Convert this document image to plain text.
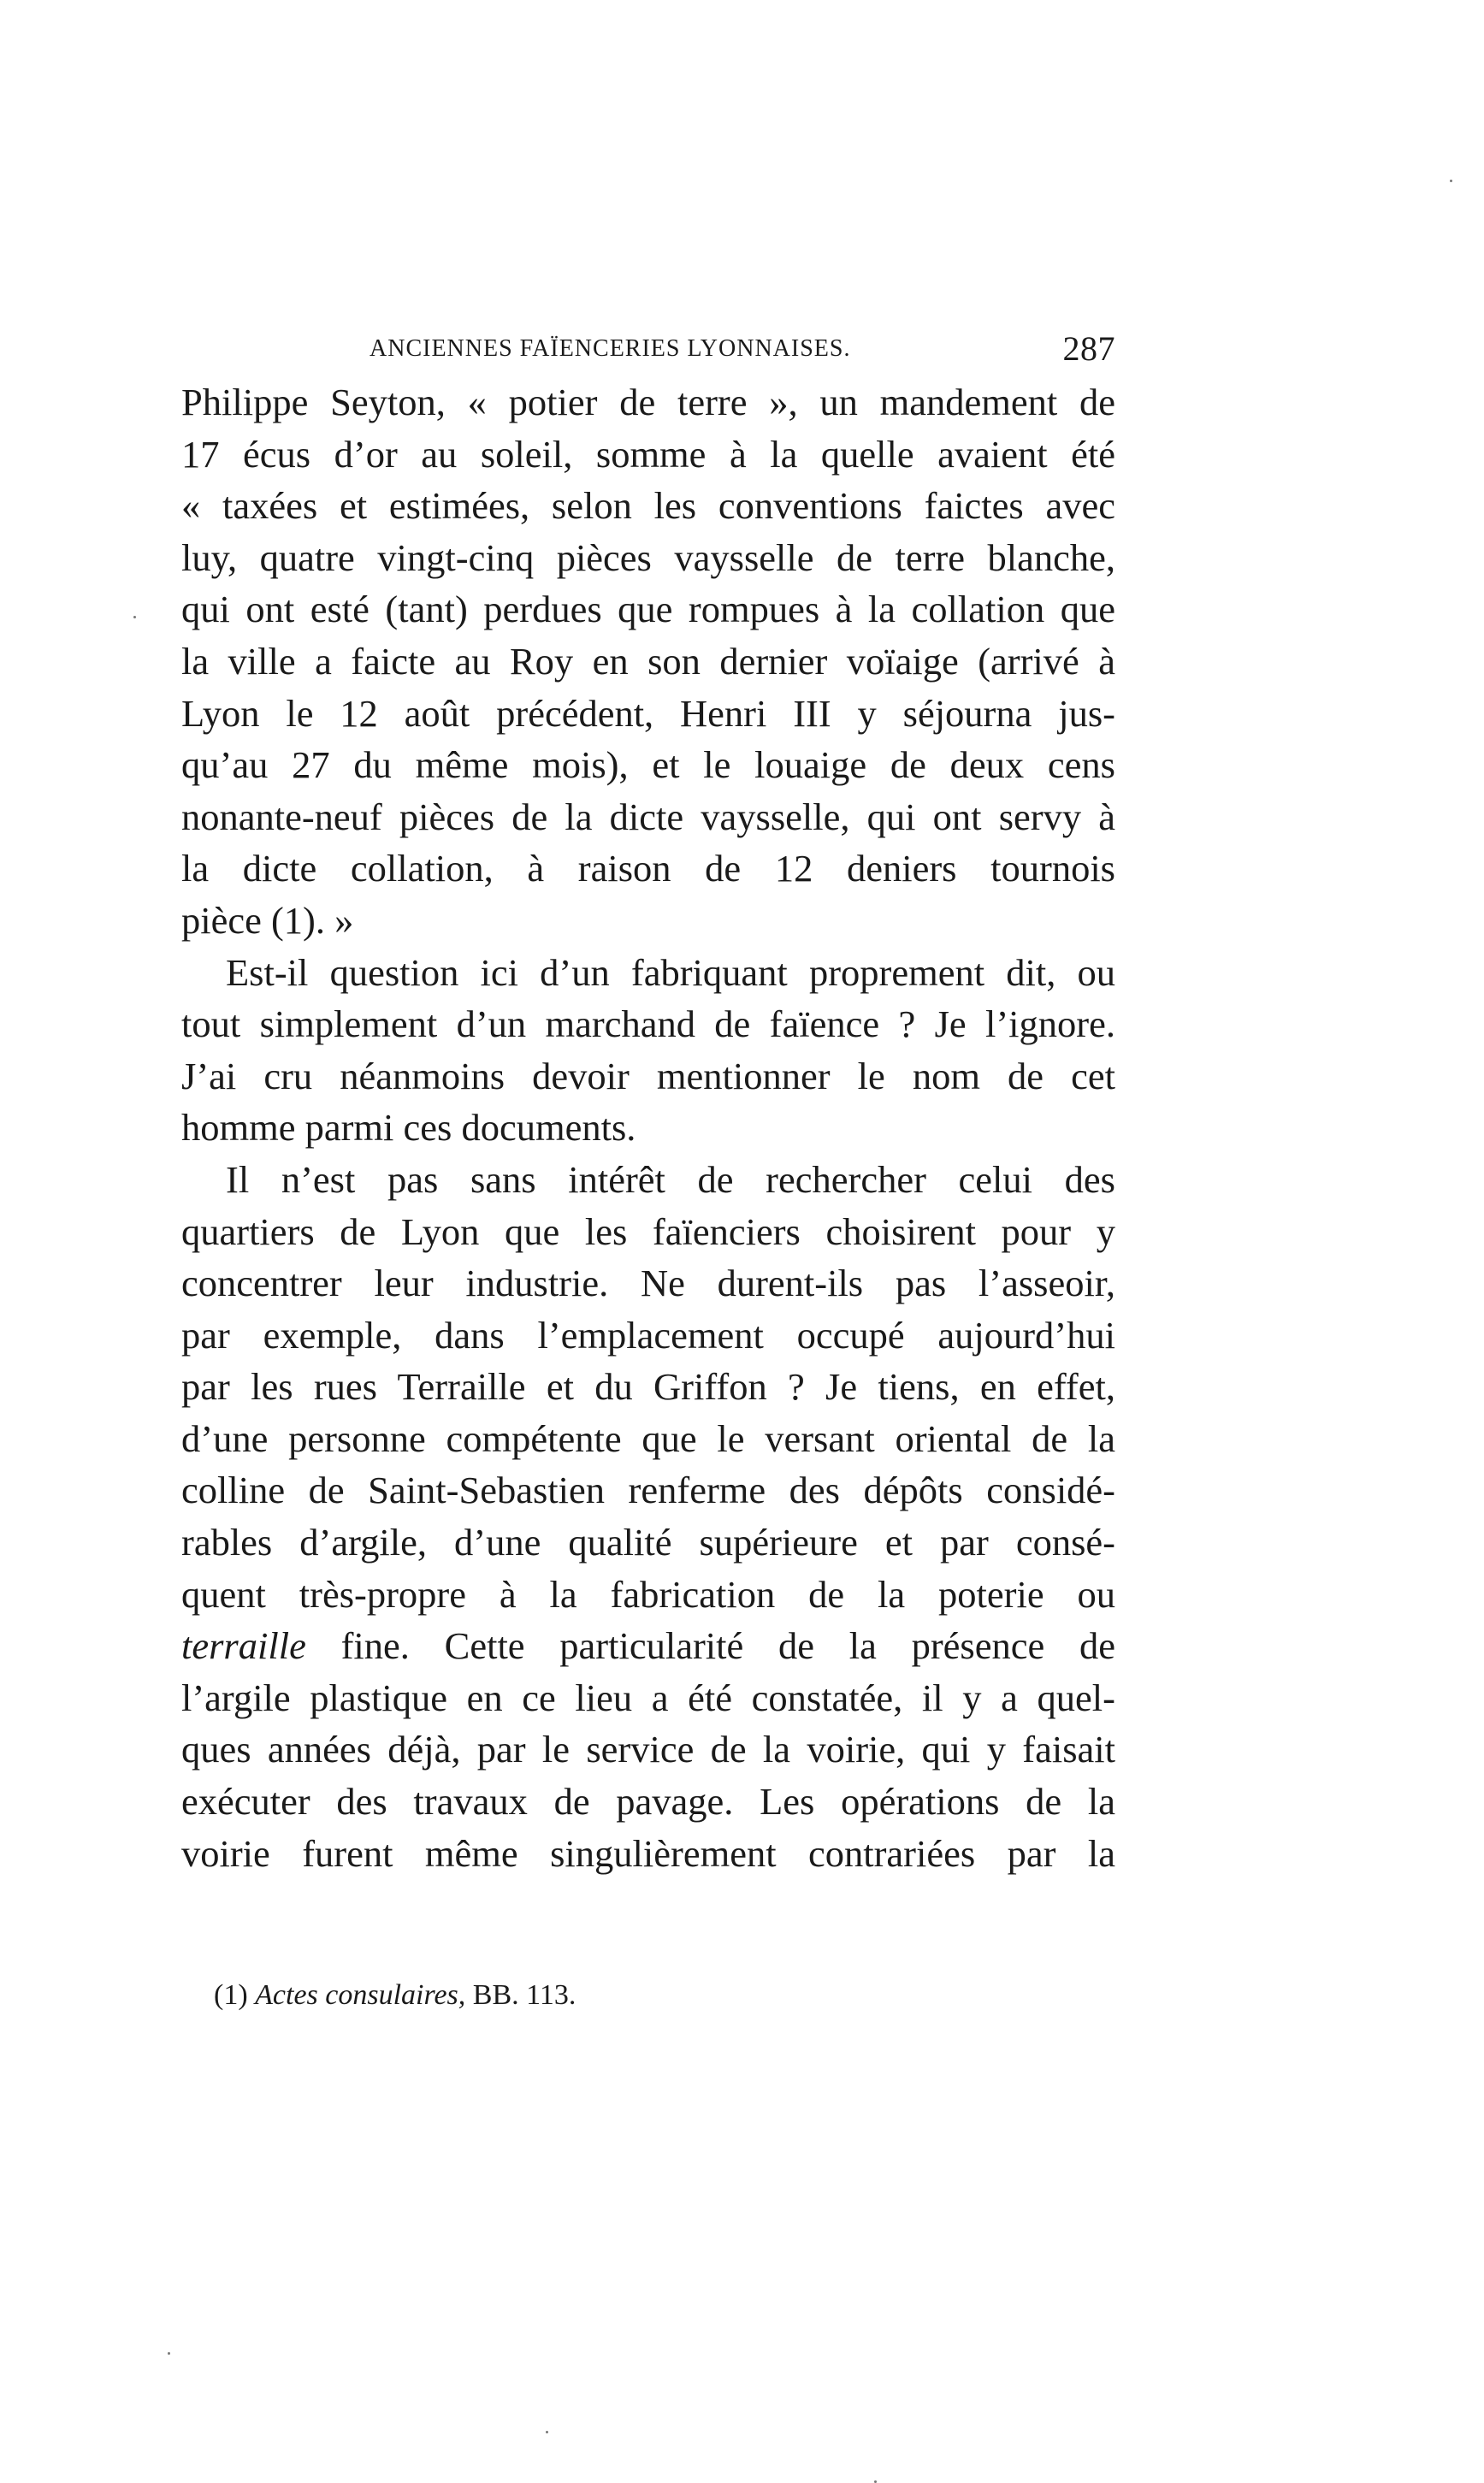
ANCIENNES FAÏENCERIES LYONNAISES.	287
Philippe Seyton, « potier de terre », un mandement de
17 écus d’or au soleil, somme à la quelle avaient été
« taxées et estimées, selon les conventions faictes avec
luy, quatre vingt-cinq pièces vaysselle de terre blanche,
qui ont esté (tant) perdues que rompues à la collation que
la ville a faicte au Roy en son dernier voïaige (arrivé à
Lyon le 12 août précédent, Henri III y séjourna jus-
qu’au 27 du même mois), et le louaige de deux cens
nonante-neuf pièces de la dicte vaysselle, qui ont servy à
la dicte collation, à raison de 12 deniers tournois
pièce (1). »
Est-il question ici d’un fabriquant proprement dit, ou
tout simplement d’un marchand de faïence ? Je l’ignore.
J’ai cru néanmoins devoir mentionner le nom de cet
homme parmi ces documents.
Il n’est pas sans intérêt de rechercher celui des
quartiers de Lyon que les faïenciers choisirent pour y
concentrer leur industrie. Ne durent-ils pas l’asseoir,
par exemple, dans l’emplacement occupé aujourd’hui
par les rues Terraille et du Griffon ? Je tiens, en effet,
d’une personne compétente que le versant oriental de la
colline de Saint-Sebastien renferme des dépôts considé-
rables d’argile, d’une qualité supérieure et par consé-
quent très-propre à la fabrication de la poterie ou
terraille fine. Cette particularité de la présence de
l’argile plastique en ce lieu a été constatée, il y a quel-
ques années déjà, par le service de la voirie, qui y faisait
exécuter des travaux de pavage. Les opérations de la
voirie furent même singulièrement contrariées par la
(1) Actes consulaires, BB. 113.
